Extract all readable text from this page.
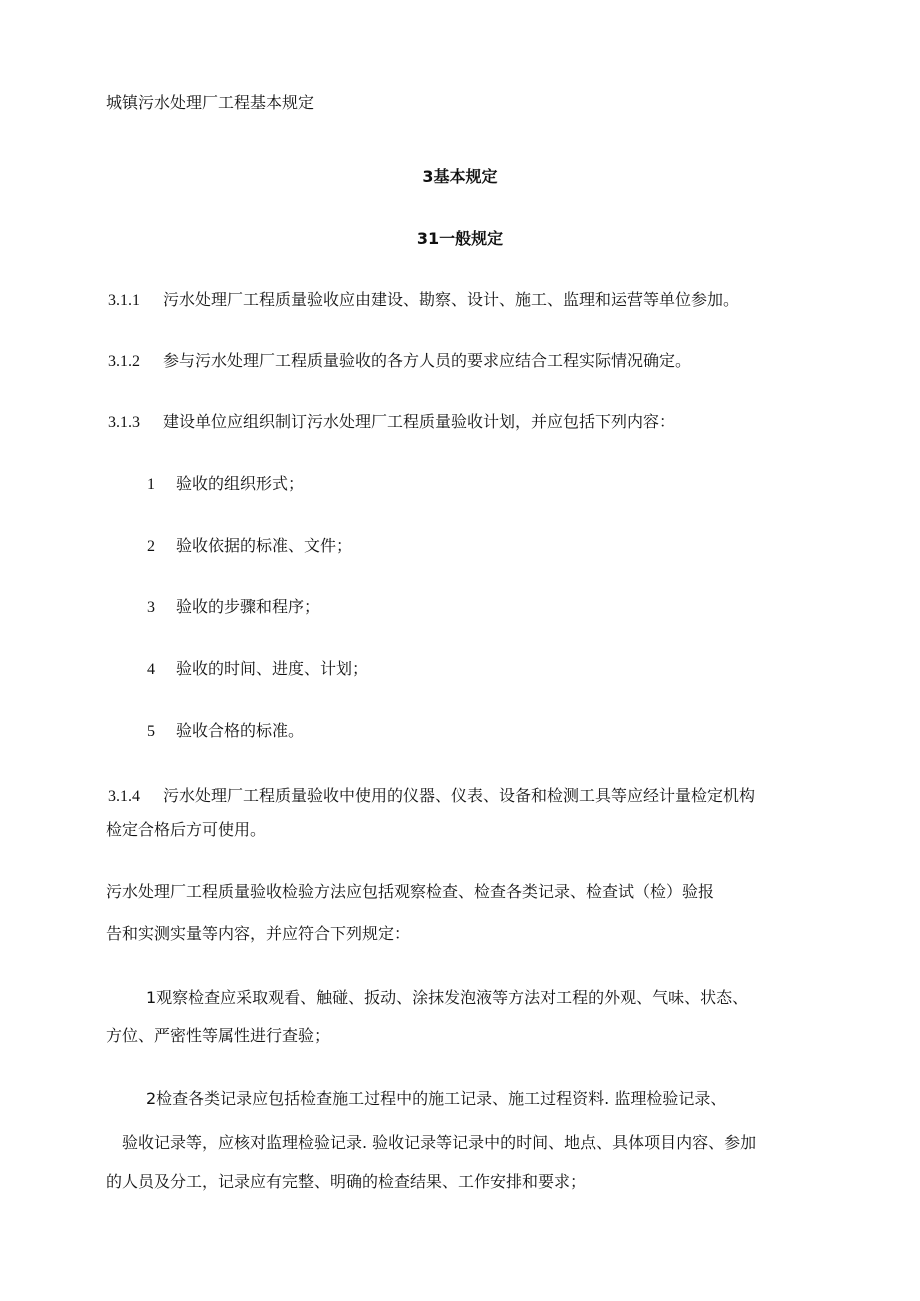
城镇污水处理厂工程基本规定
3基本规定
31一般规定
3.1.1 污水处理厂工程质量验收应由建设、勘察、设计、施工、监理和运营等单位参加。
3.1.2 参与污水处理厂工程质量验收的各方人员的要求应结合工程实际情况确定。
3.1.3 建设单位应组织制订污水处理厂工程质量验收计划，并应包括下列内容：
1 验收的组织形式；
2 验收依据的标准、文件；
3 验收的步骤和程序；
4 验收的时间、进度、计划；
5 验收合格的标准。
3.1.4 污水处理厂工程质量验收中使用的仪器、仪表、设备和检测工具等应经计量检定机构
检定合格后方可使用。
污水处理厂工程质量验收检验方法应包括观察检查、检查各类记录、检查试（检）验报
告和实测实量等内容，并应符合下列规定：
1观察检查应采取观看、触碰、扳动、涂抹发泡液等方法对工程的外观、气味、状态、
方位、严密性等属性进行查验；
2检查各类记录应包括检查施工过程中的施工记录、施工过程资料. 监理检验记录、
验收记录等，应核对监理检验记录. 验收记录等记录中的时间、地点、具体项目内容、参加
的人员及分工，记录应有完整、明确的检查结果、工作安排和要求；
